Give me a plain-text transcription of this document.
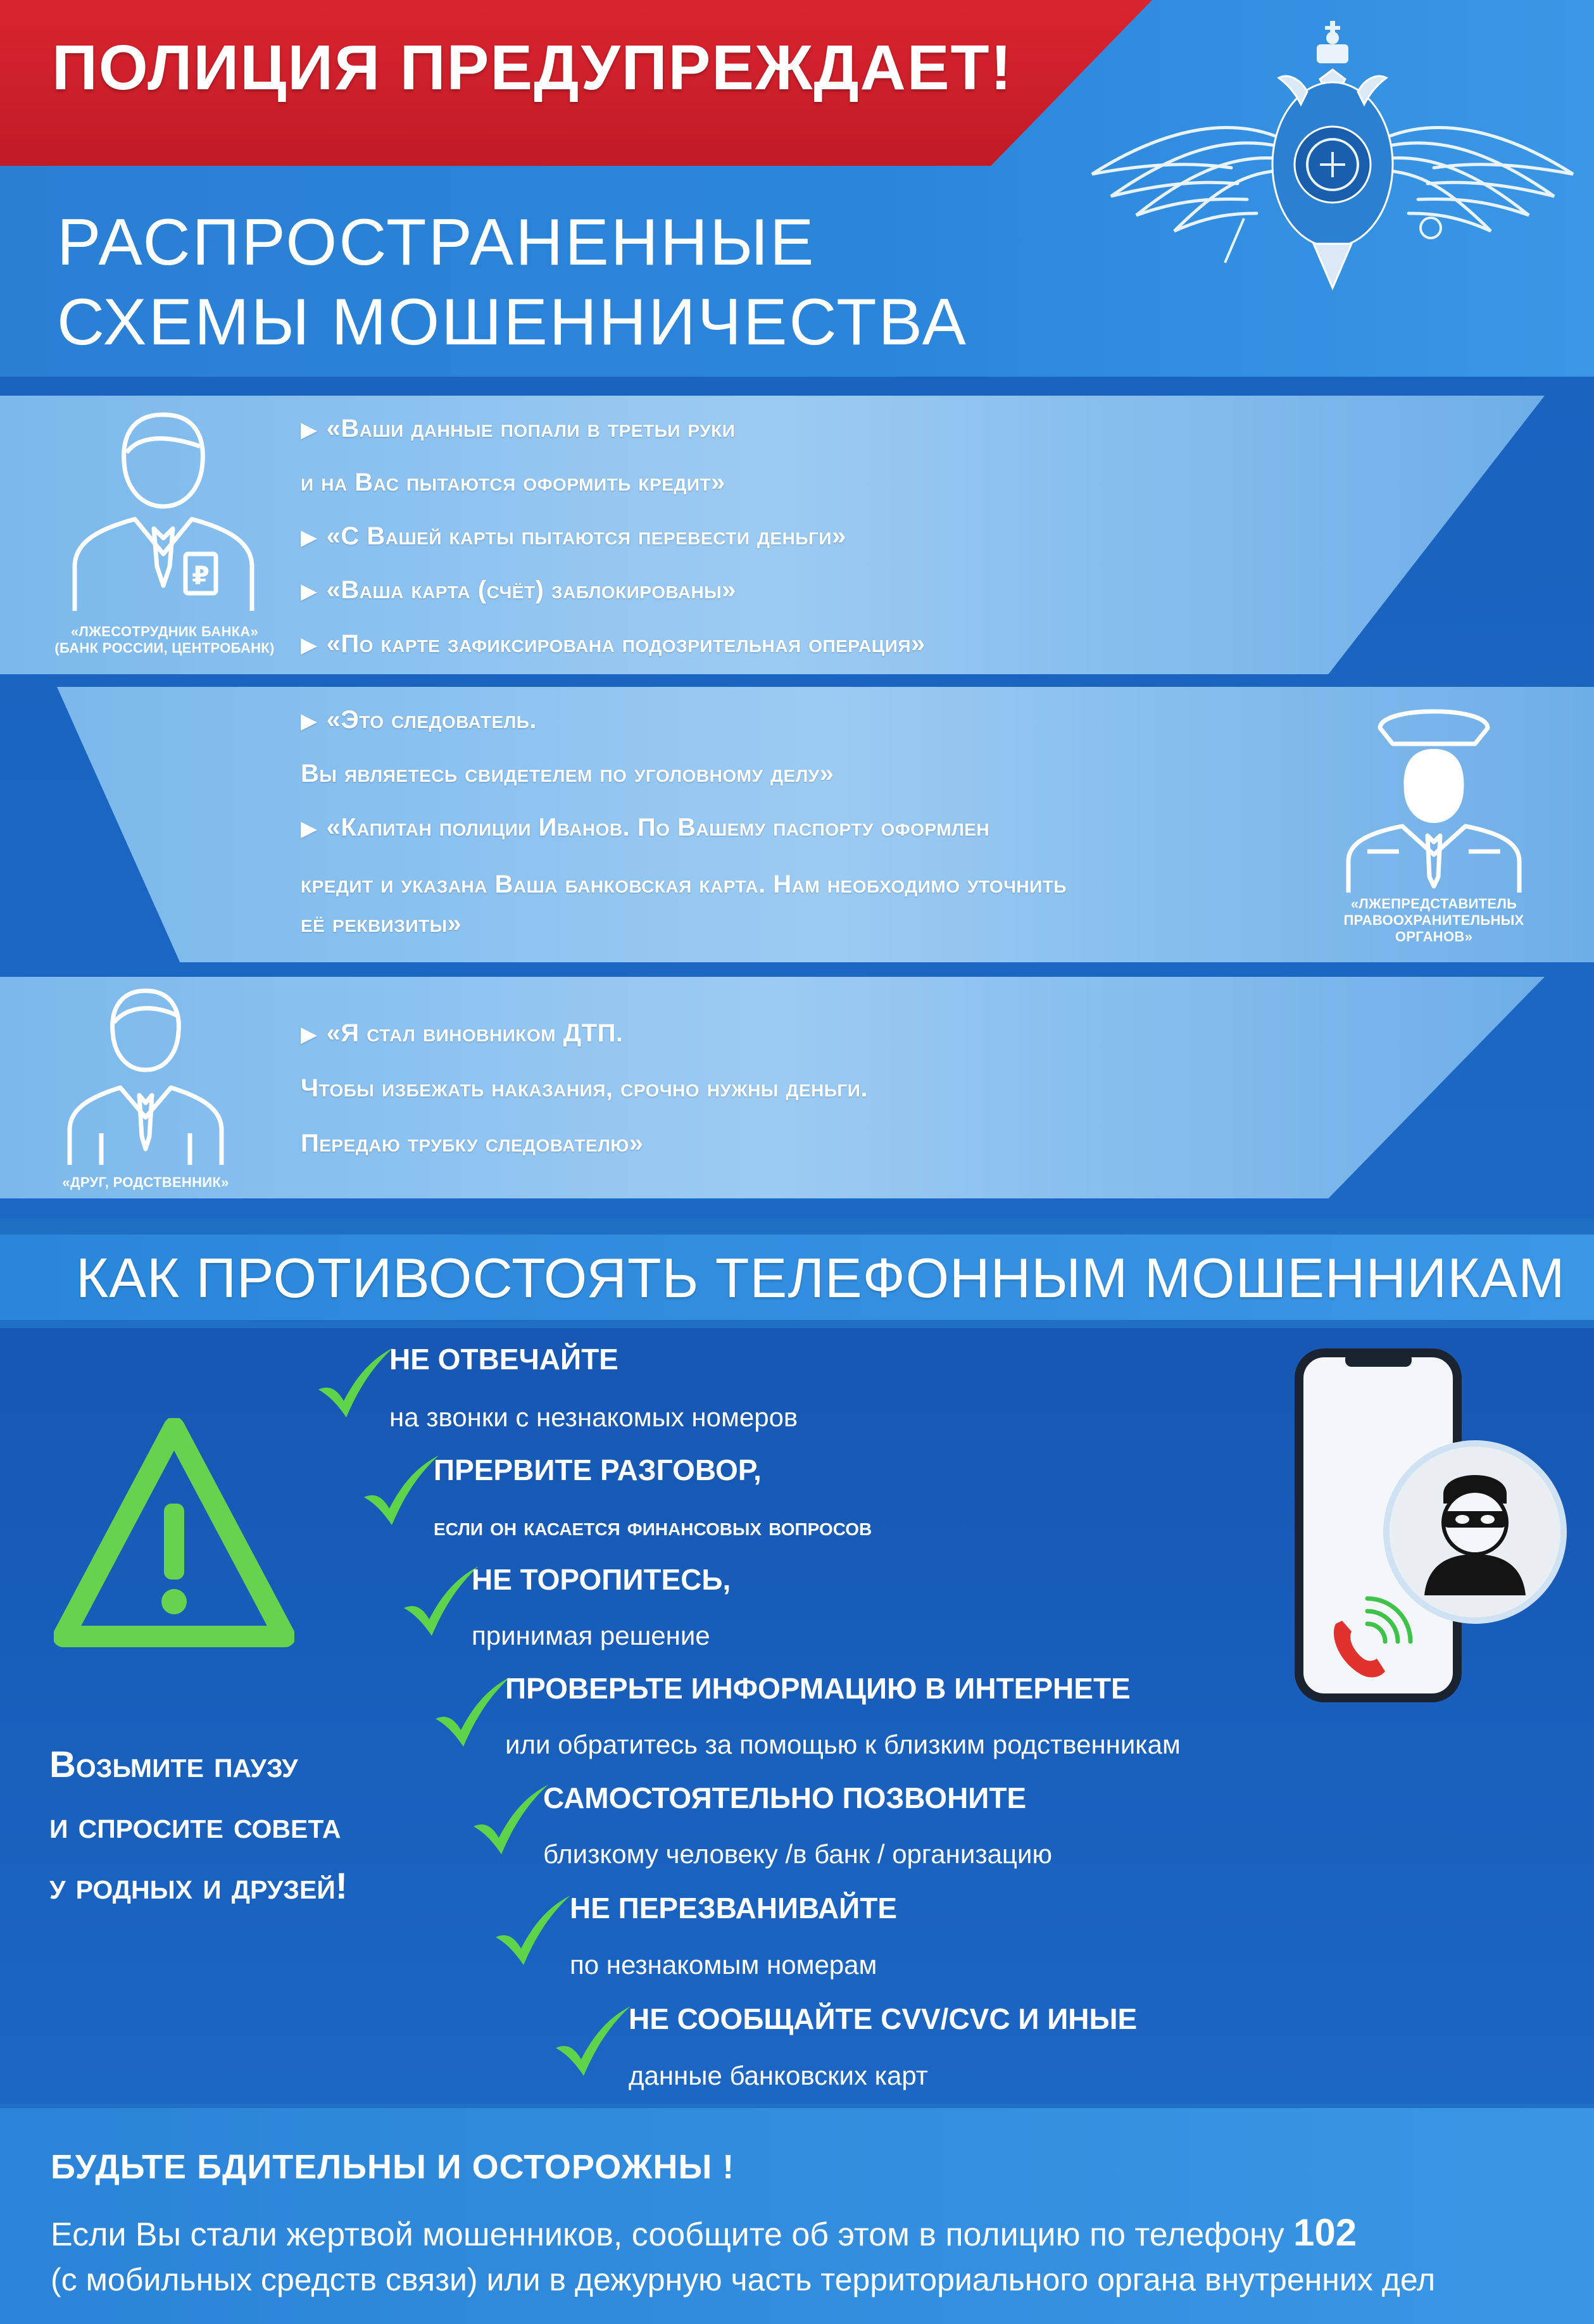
ПОЛИЦИЯ ПРЕДУПРЕЖДАЕТ!
РАСПРОСТРАНЕННЫЕ
СХЕМЫ МОШЕННИЧЕСТВА
₽
«ЛЖЕСОТРУДНИК БАНКА»
(БАНК РОССИИ, ЦЕНТРОБАНК)
▶ «Ваши данные попали в третьи руки
и на Вас пытаются оформить кредит»
▶ «С Вашей карты пытаются перевести деньги»
▶ «Ваша карта (счёт) заблокированы»
▶ «По карте зафиксирована подозрительная операция»
«ЛЖЕПРЕДСТАВИТЕЛЬ
ПРАВООХРАНИТЕЛЬНЫХ
ОРГАНОВ»
▶ «Это следователь.
Вы являетесь свидетелем по уголовному делу»
▶ «Капитан полиции Иванов. По Вашему паспорту оформлен
кредит и указана Ваша банковская карта. Нам необходимо уточнить
её реквизиты»
«ДРУГ, РОДСТВЕННИК»
▶ «Я стал виновником ДТП.
Чтобы избежать наказания, срочно нужны деньги.
Передаю трубку следователю»
КАК ПРОТИВОСТОЯТЬ ТЕЛЕФОННЫМ МОШЕННИКАМ
Возьмите паузу
и спросите совета
у родных и друзей!
НЕ ОТВЕЧАЙТЕ
на звонки с незнакомых номеров
ПРЕРВИТЕ РАЗГОВОР,
если он касается финансовых вопросов
НЕ ТОРОПИТЕСЬ,
принимая решение
ПРОВЕРЬТЕ ИНФОРМАЦИЮ В ИНТЕРНЕТЕ
или обратитесь за помощью к близким родственникам
САМОСТОЯТЕЛЬНО ПОЗВОНИТЕ
близкому человеку /в банк / организацию
НЕ ПЕРЕЗВАНИВАЙТЕ
по незнакомым номерам
НЕ СООБЩАЙТЕ CVV/CVC И ИНЫЕ
данные банковских карт
БУДЬТЕ БДИТЕЛЬНЫ И ОСТОРОЖНЫ !
Если Вы стали жертвой мошенников, сообщите об этом в полицию по телефону 102
(с мобильных средств связи) или в дежурную часть территориального органа внутренних дел
